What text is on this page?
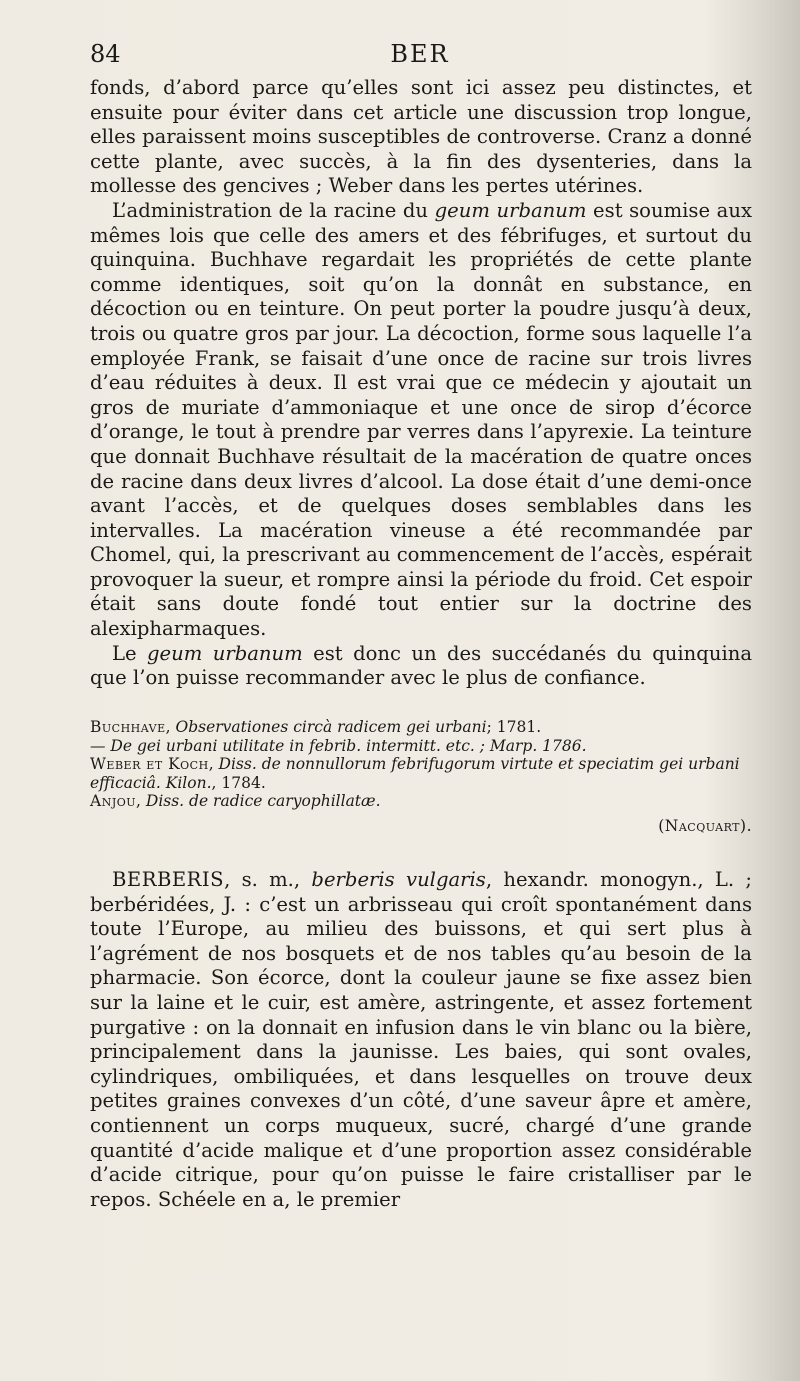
84	BER

fonds, d’abord parce qu’elles sont ici assez peu distinctes, et ensuite pour éviter dans cet article une discussion trop longue, elles paraissent moins susceptibles de controverse. Cranz a donné cette plante, avec succès, à la fin des dysenteries, dans la mollesse des gencives ; Weber dans les pertes utérines.

L’administration de la racine du geum urbanum est soumise aux mêmes lois que celle des amers et des fébrifuges, et surtout du quinquina. Buchhave regardait les propriétés de cette plante comme identiques, soit qu’on la donnât en substance, en décoction ou en teinture. On peut porter la poudre jusqu’à deux, trois ou quatre gros par jour. La décoction, forme sous laquelle l’a employée Frank, se faisait d’une once de racine sur trois livres d’eau réduites à deux. Il est vrai que ce médecin y ajoutait un gros de muriate d’ammoniaque et une once de sirop d’écorce d’orange, le tout à prendre par verres dans l’apyrexie. La teinture que donnait Buchhave résultait de la macération de quatre onces de racine dans deux livres d’alcool. La dose était d’une demi-once avant l’accès, et de quelques doses semblables dans les intervalles. La macération vineuse a été recommandée par Chomel, qui, la prescrivant au commencement de l’accès, espérait provoquer la sueur, et rompre ainsi la période du froid. Cet espoir était sans doute fondé tout entier sur la doctrine des alexipharmaques.

Le geum urbanum est donc un des succédanés du quinquina que l’on puisse recommander avec le plus de confiance.

Buchhave, Observationes circà radicem gei urbani; 1781.

— De gei urbani utilitate in febrib. intermitt. etc. ; Marp. 1786.

Weber et Koch, Diss. de nonnullorum febrifugorum virtute et speciatim gei urbani efficaciâ. Kilon., 1784.

Anjou, Diss. de radice caryophillatæ.

(Nacquart).

BERBERIS, s. m., berberis vulgaris, hexandr. monogyn., L. ; berbéridées, J. : c’est un arbrisseau qui croît spontanément dans toute l’Europe, au milieu des buissons, et qui sert plus à l’agrément de nos bosquets et de nos tables qu’au besoin de la pharmacie. Son écorce, dont la couleur jaune se fixe assez bien sur la laine et le cuir, est amère, astringente, et assez fortement purgative : on la donnait en infusion dans le vin blanc ou la bière, principalement dans la jaunisse. Les baies, qui sont ovales, cylindriques, ombiliquées, et dans lesquelles on trouve deux petites graines convexes d’un côté, d’une saveur âpre et amère, contiennent un corps muqueux, sucré, chargé d’une grande quantité d’acide malique et d’une proportion assez considérable d’acide citrique, pour qu’on puisse le faire cristalliser par le repos. Schéele en a, le premier
